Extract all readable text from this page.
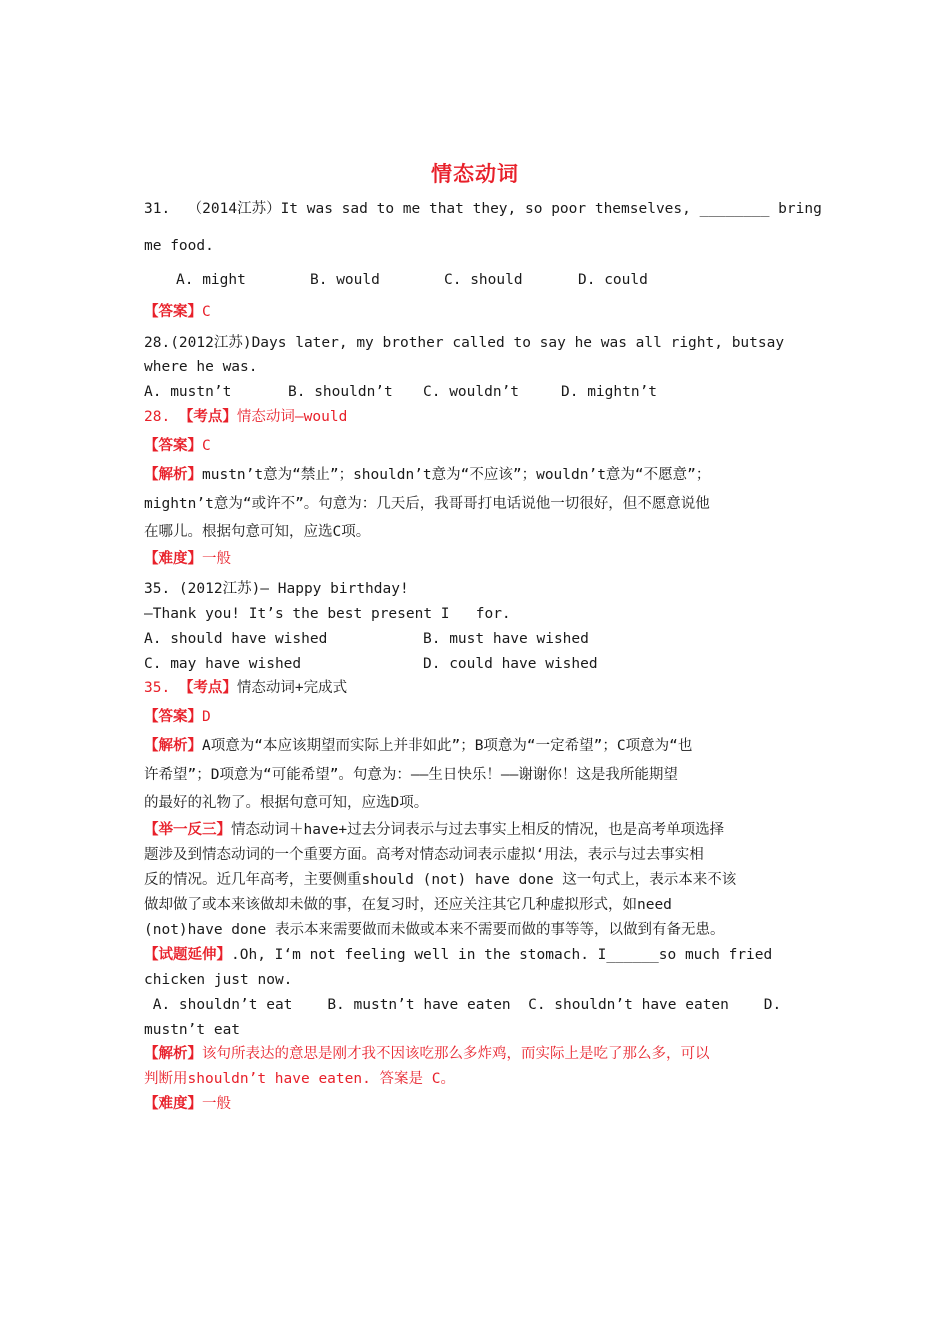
情态动词
31.  （2014江苏）It was sad to me that they, so poor themselves, ________ bring
me food.
A. might	B. would	C. should	D. could
【答案】C
28.(2012江苏)Days later, my brother called to say he was all right, butsay
where he was.
A. mustn’t	B. shouldn’t C. wouldn’t	D. mightn’t
28. 【考点】情态动词—would
【答案】C
【解析】mustn’t意为“禁止”；shouldn’t意为“不应该”；wouldn’t意为“不愿意”；
mightn’t意为“或许不”。句意为：几天后，我哥哥打电话说他一切很好，但不愿意说他
在哪儿。根据句意可知，应选C项。
【难度】一般
35. (2012江苏)— Happy birthday!
—Thank you! It’s the best present I   for.
A. should have wished	B. must have wished
C. may have wished	D. could have wished
35. 【考点】情态动词+完成式
【答案】D
【解析】A项意为“本应该期望而实际上并非如此”；B项意为“一定希望”；C项意为“也
许希望”；D项意为“可能希望”。句意为：——生日快乐！——谢谢你！这是我所能期望
的最好的礼物了。根据句意可知，应选D项。
【举一反三】情态动词＋have+过去分词表示与过去事实上相反的情况，也是高考单项选择
题涉及到情态动词的一个重要方面。高考对情态动词表示虚拟‘用法，表示与过去事实相
反的情况。近几年高考，主要侧重should (not) have done 这一句式上，表示本来不该
做却做了或本来该做却未做的事，在复习时，还应关注其它几种虚拟形式，如need
(not)have done 表示本来需要做而未做或本来不需要而做的事等等，以做到有备无患。
【试题延伸】.Oh, I‘m not feeling well in the stomach. I______so much fried
chicken just now.
A. shouldn’t eat    B. mustn’t have eaten  C. shouldn’t have eaten    D.
mustn’t eat
【解析】该句所表达的意思是刚才我不因该吃那么多炸鸡，而实际上是吃了那么多，可以
判断用shouldn’t have eaten. 答案是 C。
【难度】一般
